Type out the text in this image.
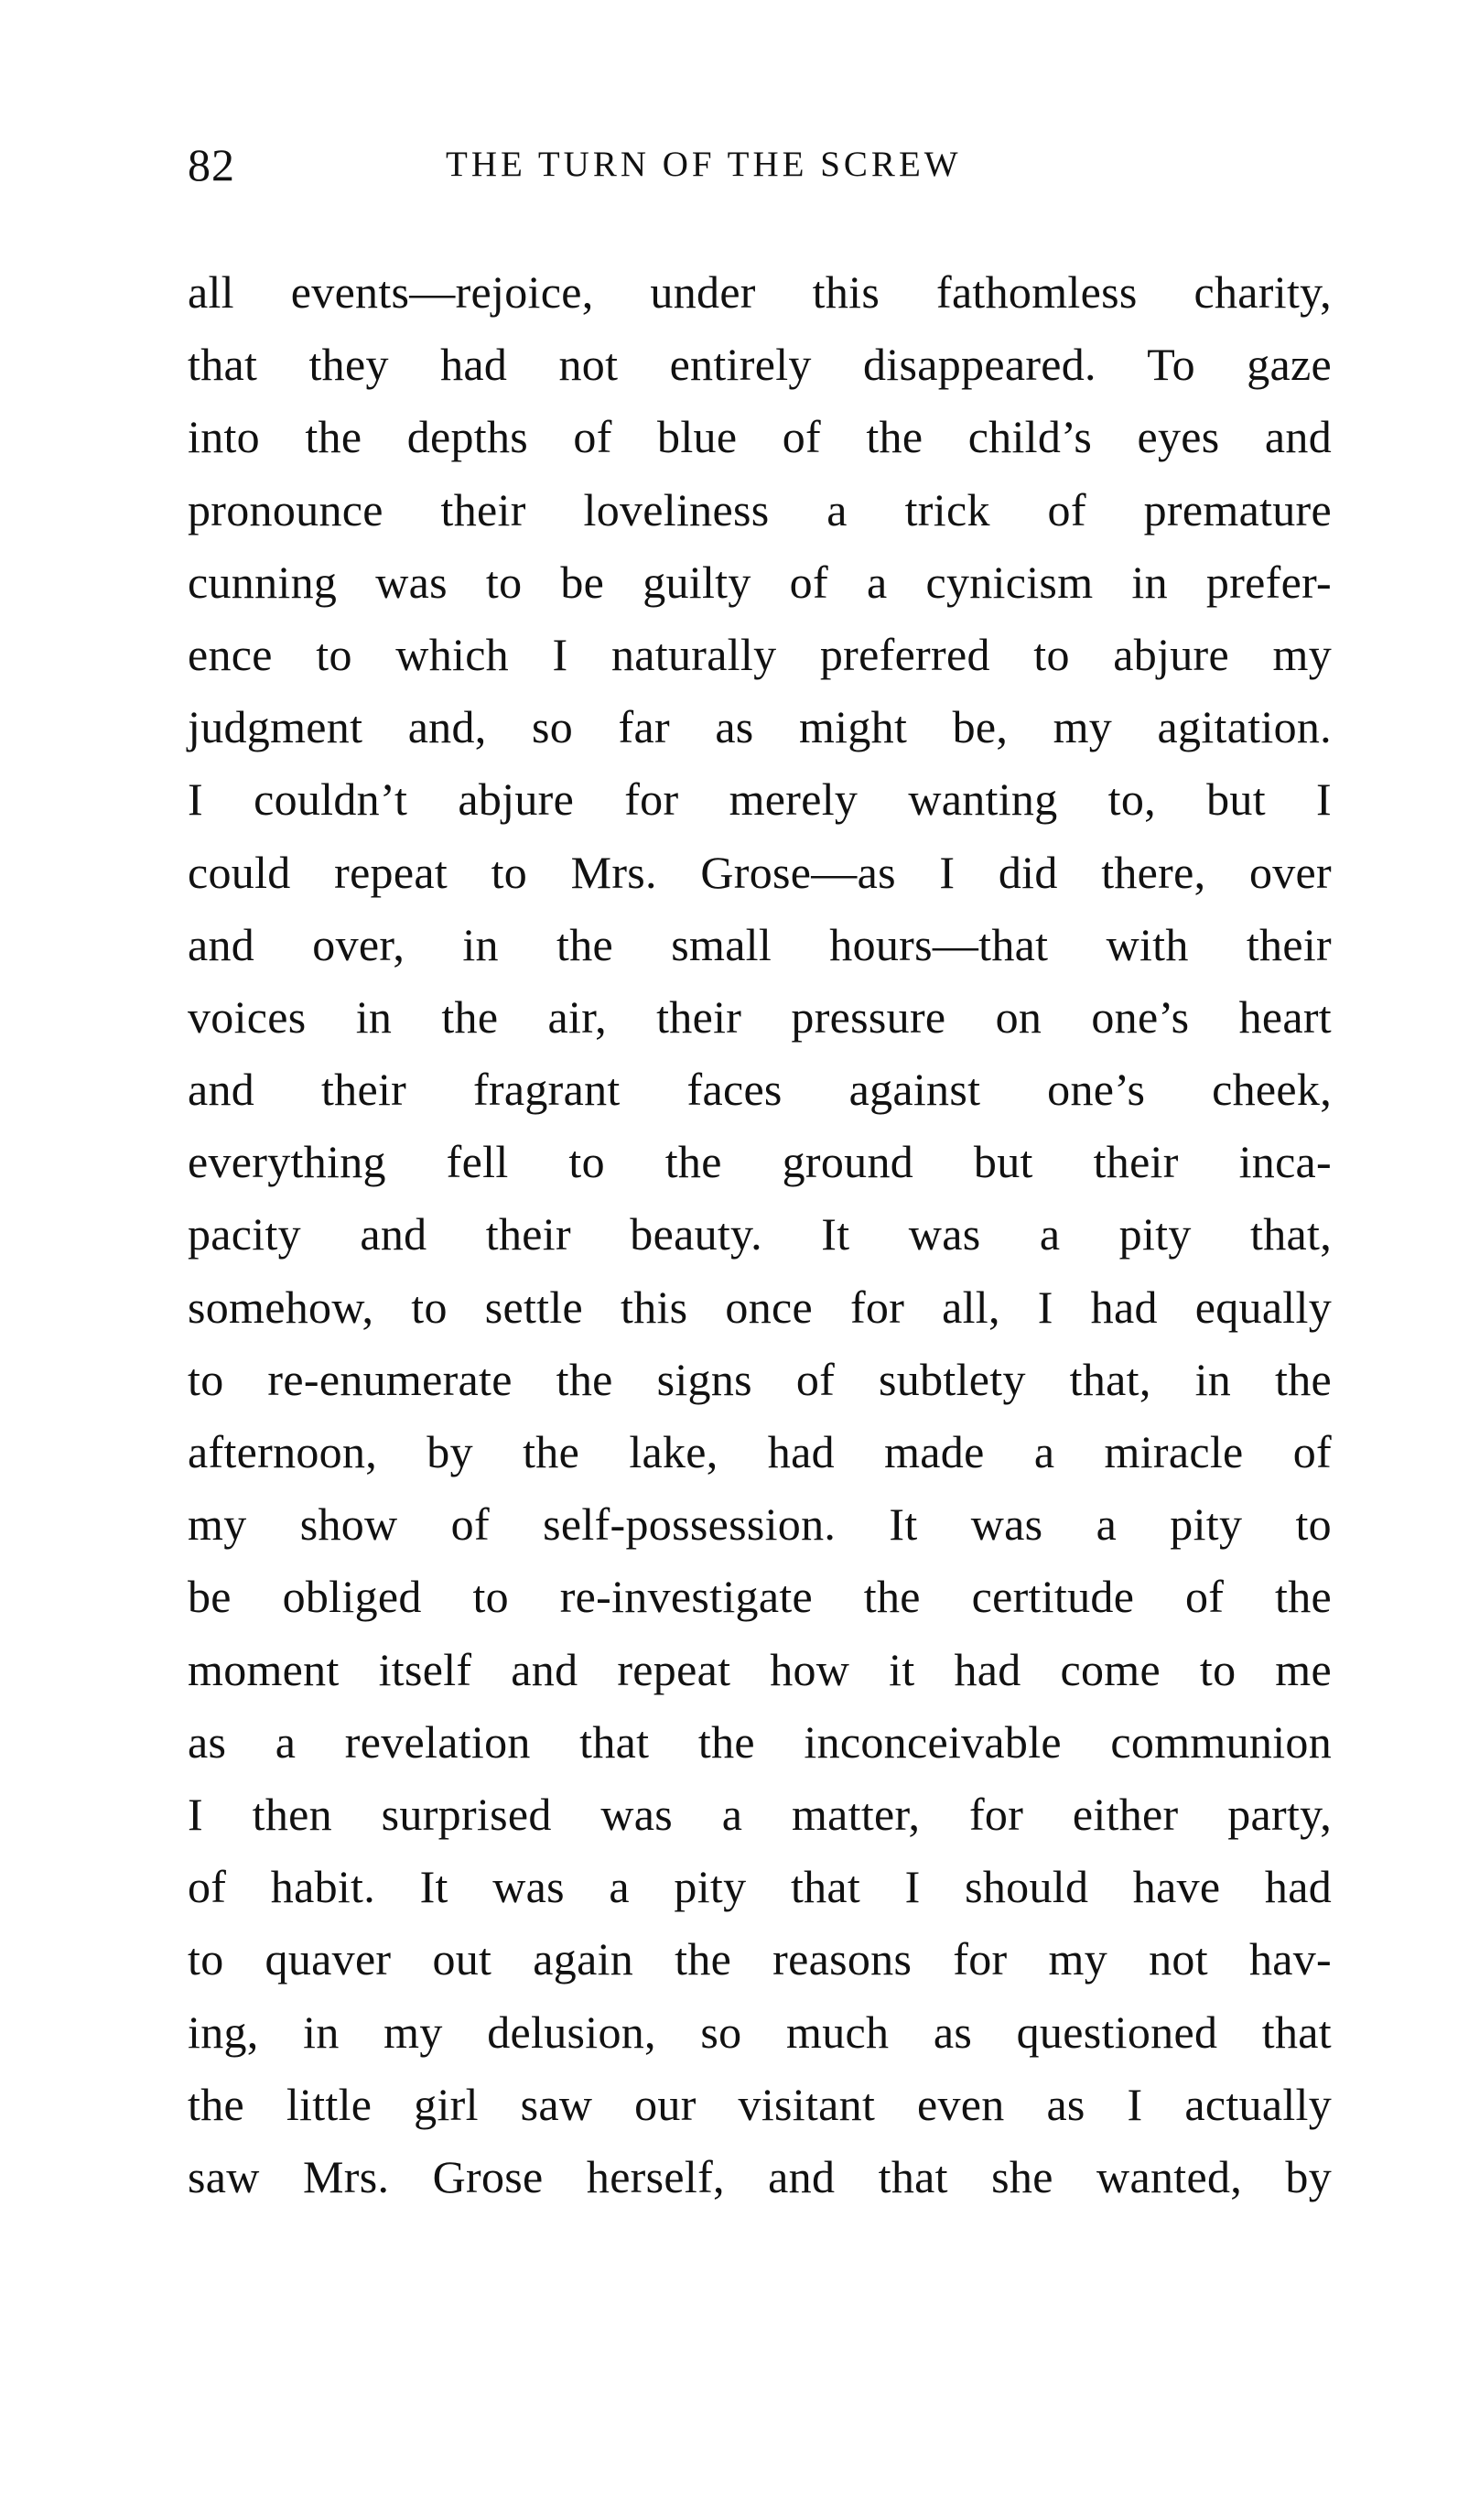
82	THE TURN OF THE SCREW
all events—rejoice, under this fathomless charity,
that they had not entirely disappeared. To gaze
into the depths of blue of the child’s eyes and
pronounce their loveliness a trick of premature
cunning was to be guilty of a cynicism in prefer-
ence to which I naturally preferred to abjure my
judgment and, so far as might be, my agitation.
I couldn’t abjure for merely wanting to, but I
could repeat to Mrs. Grose—as I did there, over
and over, in the small hours—that with their
voices in the air, their pressure on one’s heart
and their fragrant faces against one’s cheek,
everything fell to the ground but their inca-
pacity and their beauty. It was a pity that,
somehow, to settle this once for all, I had equally
to re-enumerate the signs of subtlety that, in the
afternoon, by the lake, had made a miracle of
my show of self-possession. It was a pity to
be obliged to re-investigate the certitude of the
moment itself and repeat how it had come to me
as a revelation that the inconceivable communion
I then surprised was a matter, for either party,
of habit. It was a pity that I should have had
to quaver out again the reasons for my not hav-
ing, in my delusion, so much as questioned that
the little girl saw our visitant even as I actually
saw Mrs. Grose herself, and that she wanted, by
